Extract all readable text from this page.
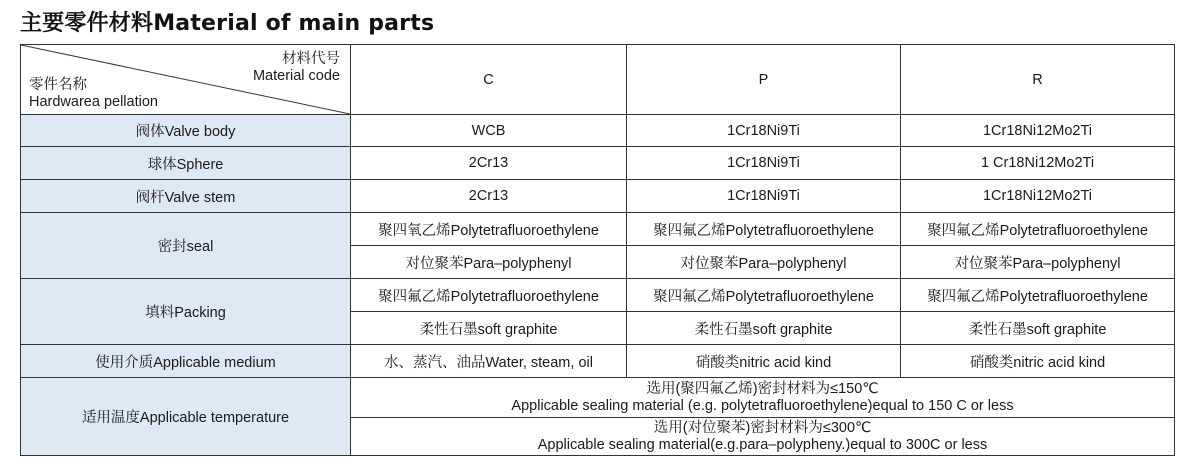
主要零件材料Material of main parts
材料代号
Material code
零件名称
Hardwarea pellation	C	P	R
阀体Valve body	WCB	1Cr18Ni9Ti	1Cr18Ni12Mo2Ti
球体Sphere	2Cr13	1Cr18Ni9Ti	1 Cr18Ni12Mo2Ti
阀杆Valve stem	2Cr13	1Cr18Ni9Ti	1Cr18Ni12Mo2Ti
密封seal	聚四氧乙烯Polytetrafluoroethylene	聚四氟乙烯Polytetrafluoroethylene	聚四氟乙烯Polytetrafluoroethylene
	对位聚苯Para–polyphenyl	对位聚苯Para–polyphenyl	对位聚苯Para–polyphenyl
填料Packing	聚四氟乙烯Polytetrafluoroethylene	聚四氟乙烯Polytetrafluoroethylene	聚四氟乙烯Polytetrafluoroethylene
	柔性石墨soft graphite	柔性石墨soft graphite	柔性石墨soft graphite
使用介质Applicable medium	水、蒸汽、油品Water, steam, oil	硝酸类nitric acid kind	硝酸类nitric acid kind
适用温度Applicable temperature	选用(聚四氟乙烯)密封材料为≤150℃
Applicable sealing material (e.g. polytetrafluoroethylene)equal to 150 C or less		

	选用(对位聚苯)密封材料为≤300℃
Applicable sealing material(e.g.para–polypheny.)equal to 300C or less		
